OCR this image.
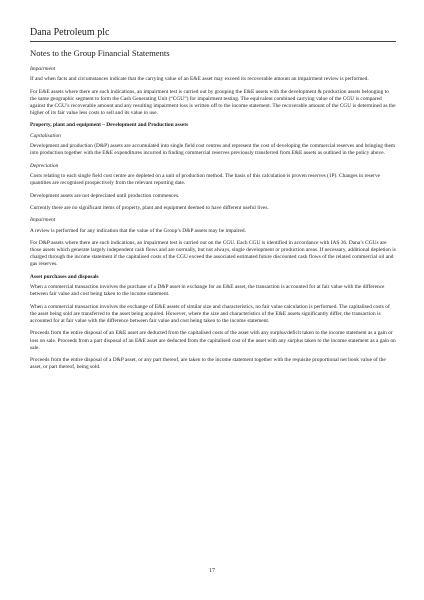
Dana Petroleum plc
Notes to the Group Financial Statements

Impairment

If and when facts and circumstances indicate that the carrying value of an E&E asset may exceed its recoverable amount an impairment review is performed.

For E&E assets where there are such indications, an impairment test is carried out by grouping the E&E assets with the development & production assets belonging to the same geographic segment to form the Cash Generating Unit (“CGU”) for impairment testing. The equivalent combined carrying value of the CGU is compared against the CGU’s recoverable amount and any resulting impairment loss is written off to the income statement. The recoverable amount of the CGU is determined as the higher of its fair value less costs to sell and its value in use.

Property, plant and equipment – Development and Production assets

Capitalisation

Development and production (D&P) assets are accumulated into single field cost centres and represent the cost of developing the commercial reserves and bringing them into production together with the E&E expenditures incurred in finding commercial reserves previously transferred from E&E assets as outlined in the policy above.

Depreciation

Costs relating to each single field cost centre are depleted on a unit of production method. The basis of this calculation is proven reserves (1P). Changes in reserve quantities are recognised prospectively from the relevant reporting date.

Development assets are not depreciated until production commences.

Currently there are no significant items of property, plant and equipment deemed to have different useful lives.

Impairment

A review is performed for any indication that the value of the Group’s D&P assets may be impaired.

For D&P assets where there are such indications, an impairment test is carried out on the CGU. Each CGU is identified in accordance with IAS 36. Dana’s CGUs are those assets which generate largely independent cash flows and are normally, but not always, single development or production areas. If necessary, additional depletion is charged through the income statement if the capitalised costs of the CGU exceed the associated estimated future discounted cash flows of the related commercial oil and gas reserves.

Asset purchases and disposals

When a commercial transaction involves the purchase of a D&P asset in exchange for an E&E asset, the transaction is accounted for at fair value with the difference between fair value and cost being taken to the income statement.

When a commercial transaction involves the exchange of E&E assets of similar size and characteristics, no fair value calculation is performed. The capitalised costs of the asset being sold are transferred to the asset being acquired. However, where the size and characteristics of the E&E assets significantly differ, the transaction is accounted for at fair value with the difference between fair value and cost being taken to the income statement.

Proceeds from the entire disposal of an E&E asset are deducted from the capitalised costs of the asset with any surplus/deficit taken to the income statement as a gain or loss on sale. Proceeds from a part disposal of an E&E asset are deducted from the capitalised cost of the asset with any surplus taken to the income statement as a gain on sale.

Proceeds from the entire disposal of a D&P asset, or any part thereof, are taken to the income statement together with the requisite proportional net book value of the asset, or part thereof, being sold.

17
